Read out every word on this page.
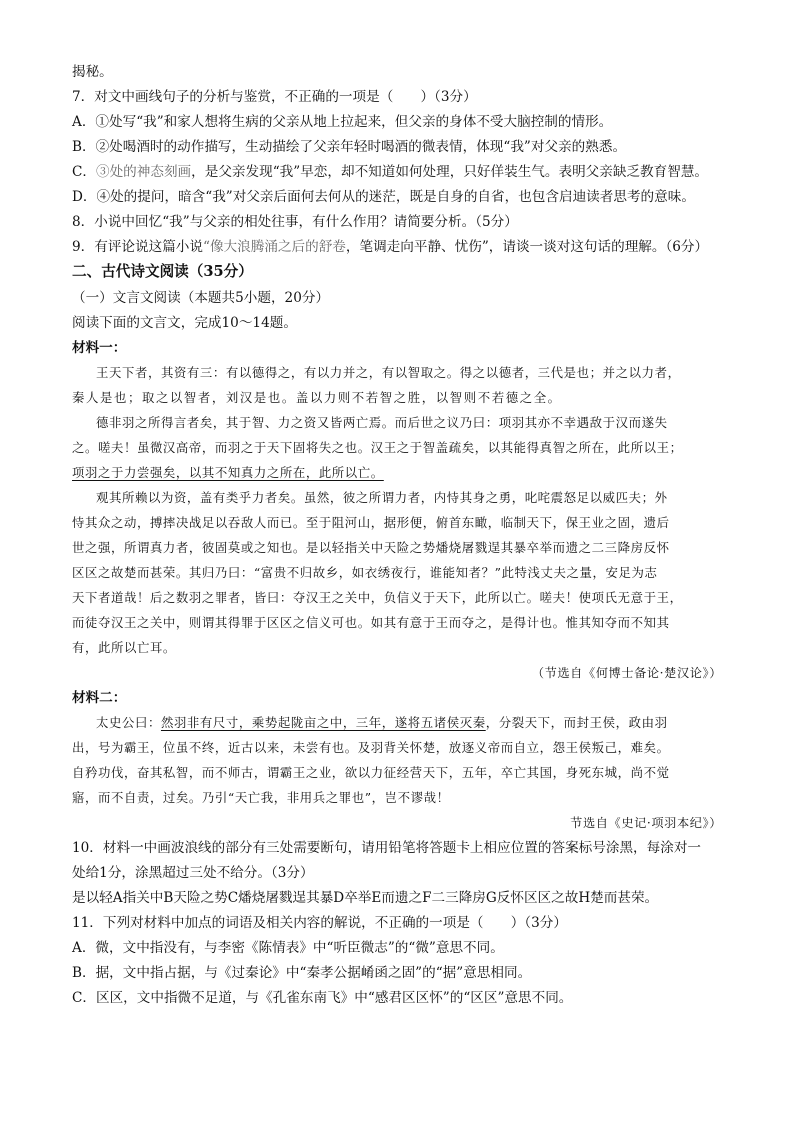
揭秘。
7．对文中画线句子的分析与鉴赏，不正确的一项是（　　）（3分）
A．①处写“我”和家人想将生病的父亲从地上拉起来，但父亲的身体不受大脑控制的情形。
B．②处喝酒时的动作描写，生动描绘了父亲年轻时喝酒的微表情，体现“我”对父亲的熟悉。
C．③处的神态刻画，是父亲发现“我”早恋，却不知道如何处理，只好佯装生气。表明父亲缺乏教育智慧。
D．④处的提问，暗含“我”对父亲后面何去何从的迷茫，既是自身的自省，也包含启迪读者思考的意味。
8．小说中回忆“我”与父亲的相处往事，有什么作用？请简要分析。（5分）
9．有评论说这篇小说“像大浪腾涌之后的舒卷，笔调走向平静、忧伤”，请谈一谈对这句话的理解。（6分）
二、古代诗文阅读（35分）
（一）文言文阅读（本题共5小题，20分）
阅读下面的文言文，完成10～14题。
材料一：
王天下者，其资有三：有以德得之，有以力并之，有以智取之。得之以德者，三代是也；并之以力者，
秦人是也；取之以智者，刘汉是也。盖以力则不若智之胜，以智则不若德之全。
德非羽之所得言者矣，其于智、力之资又皆两亡焉。而后世之议乃曰：项羽其亦不幸遇敌于汉而遂失
之。嗟夫！虽微汉高帝，而羽之于天下固将失之也。汉王之于智盖疏矣，以其能得真智之所在，此所以王；
项羽之于力尝强矣，以其不知真力之所在，此所以亡。
观其所赖以为资，盖有类乎力者矣。虽然，彼之所谓力者，内恃其身之勇，叱咤震怒足以威匹夫；外
恃其众之动，搏摔决战足以吞敌人而已。至于阻河山，据形便，俯首东瞰，临制天下，保王业之固，遗后
世之强，所谓真力者，彼固莫或之知也。是以轻指关中天险之势燔烧屠戮逞其暴卒举而遗之二三降房反怀
区区之故楚而甚荣。其归乃曰：“富贵不归故乡，如衣绣夜行，谁能知者？”此特浅丈夫之量，安足为志
天下者道哉！后之数羽之罪者，皆曰：夺汉王之关中，负信义于天下，此所以亡。嗟夫！使项氏无意于王，
而徒夺汉王之关中，则谓其得罪于区区之信义可也。如其有意于王而夺之，是得计也。惟其知夺而不知其
有，此所以亡耳。
（节选自《何博士备论·楚汉论》）
材料二：
太史公曰：然羽非有尺寸，乘势起陇亩之中，三年，遂将五诸侯灭秦，分裂天下，而封王侯，政由羽
出，号为霸王，位虽不终，近古以来，未尝有也。及羽背关怀楚，放逐义帝而自立，怨王侯叛己，难矣。
自矜功伐，奋其私智，而不师古，谓霸王之业，欲以力征经营天下，五年，卒亡其国，身死东城，尚不觉
寤，而不自责，过矣。乃引“天亡我，非用兵之罪也”，岂不谬哉！
节选自《史记·项羽本纪》）
10．材料一中画波浪线的部分有三处需要断句，请用铅笔将答题卡上相应位置的答案标号涂黑，每涂对一
处给1分，涂黑超过三处不给分。（3分）
是以轻A指关中B天险之势C燔烧屠戮逞其暴D卒举E而遗之F二三降房G反怀区区之故H楚而甚荣。
11．下列对材料中加点的词语及相关内容的解说，不正确的一项是（　　）（3分）
A．微，文中指没有，与李密《陈情表》中“听臣微志”的“微”意思不同。
B．据，文中指占据，与《过秦论》中“秦孝公据崤函之固”的“据”意思相同。
C．区区，文中指微不足道，与《孔雀东南飞》中“感君区区怀”的“区区”意思不同。
